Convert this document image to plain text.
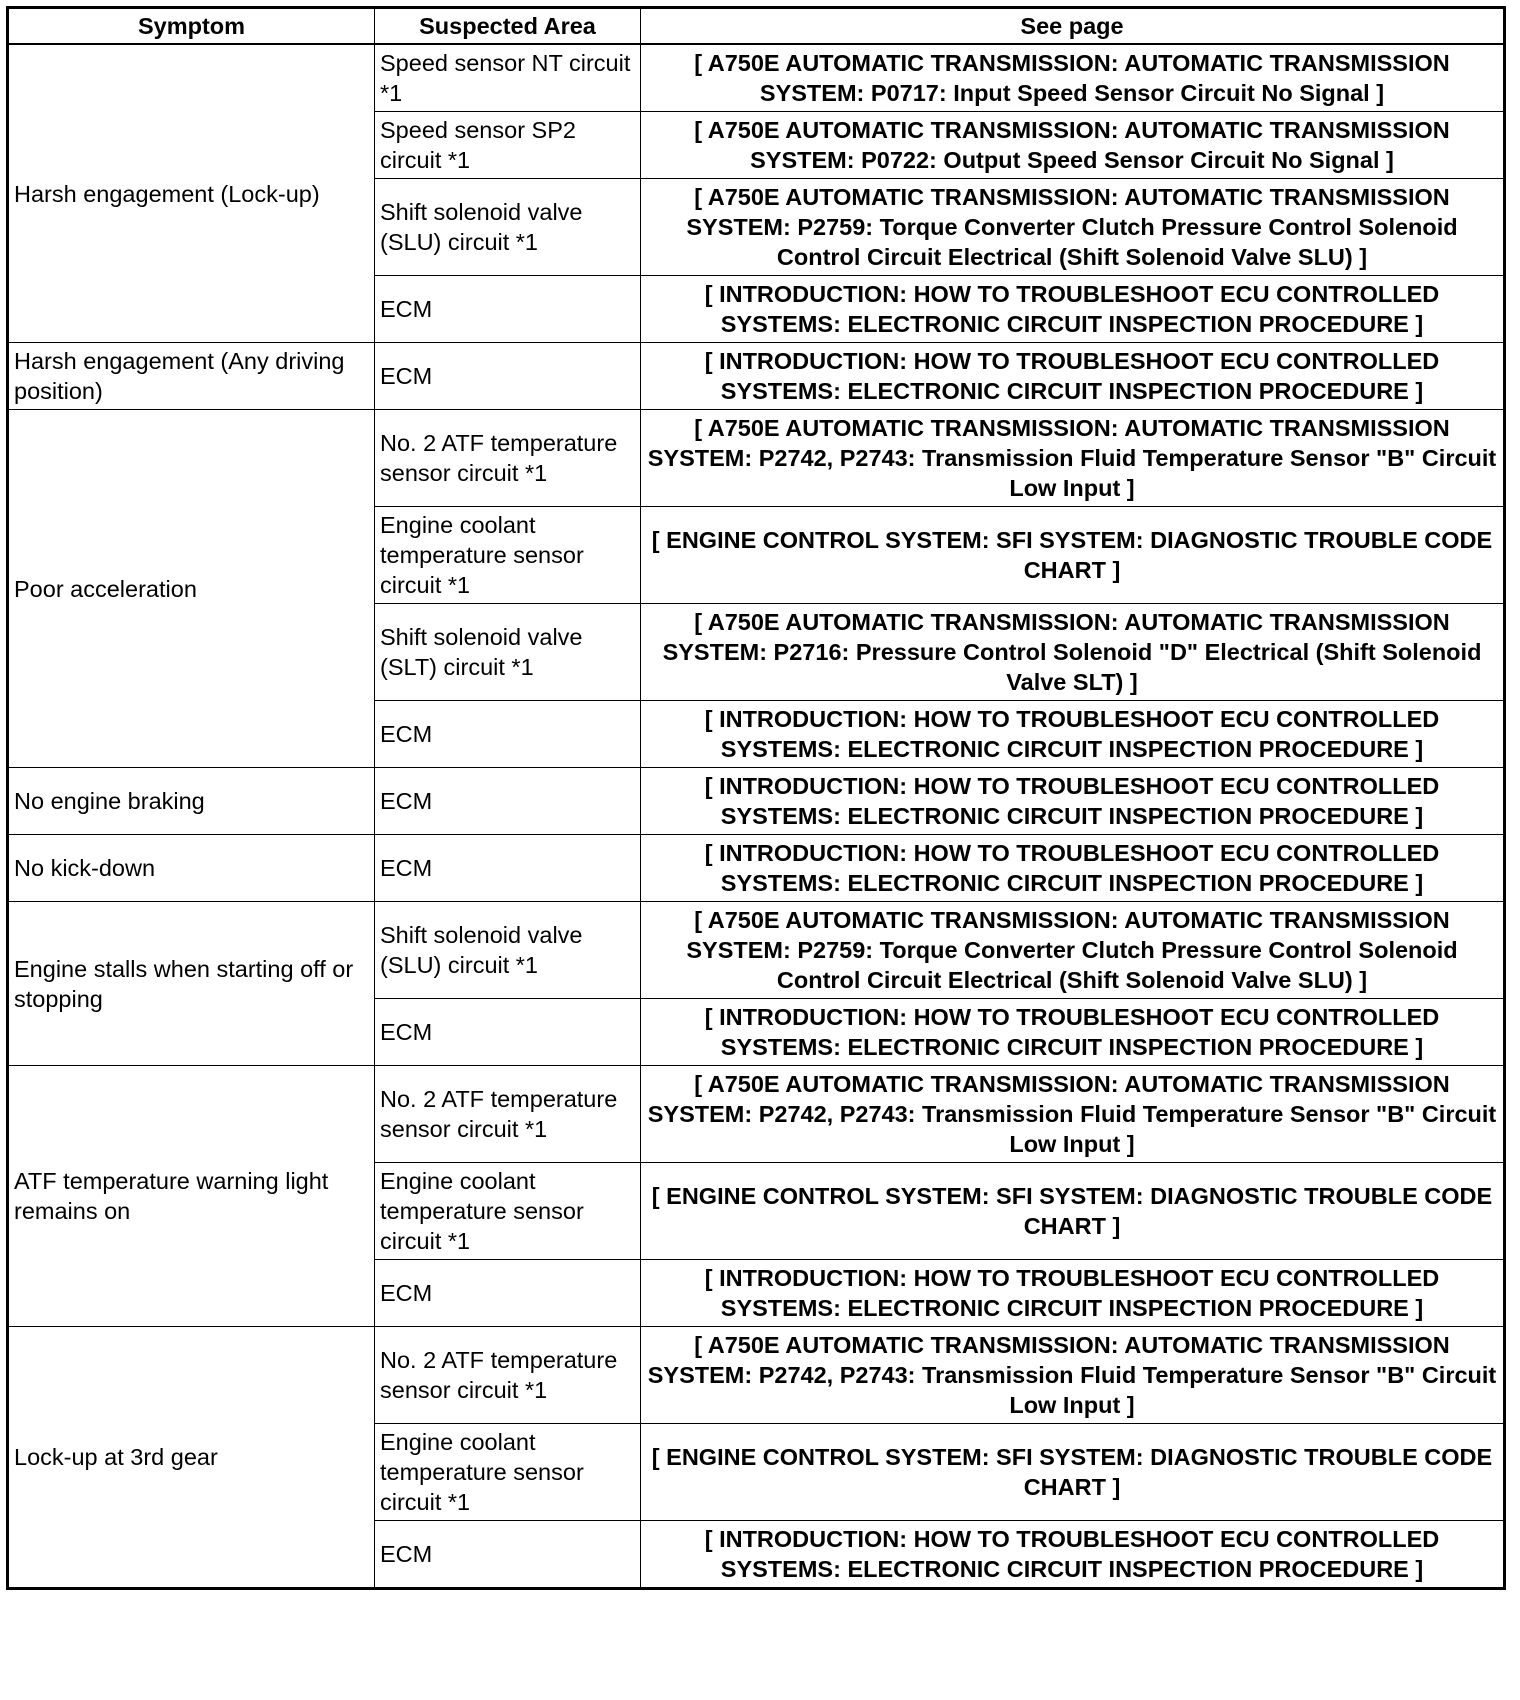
Symptom	Suspected Area	See page
Harsh engagement (Lock-up)	Speed sensor NT circuit *1	[ A750E AUTOMATIC TRANSMISSION: AUTOMATIC TRANSMISSION SYSTEM: P0717: Input Speed Sensor Circuit No Signal ]
	Speed sensor SP2 circuit *1	[ A750E AUTOMATIC TRANSMISSION: AUTOMATIC TRANSMISSION SYSTEM: P0722: Output Speed Sensor Circuit No Signal ]
	Shift solenoid valve (SLU) circuit *1	[ A750E AUTOMATIC TRANSMISSION: AUTOMATIC TRANSMISSION SYSTEM: P2759: Torque Converter Clutch Pressure Control Solenoid Control Circuit Electrical (Shift Solenoid Valve SLU) ]
	ECM	[ INTRODUCTION: HOW TO TROUBLESHOOT ECU CONTROLLED SYSTEMS: ELECTRONIC CIRCUIT INSPECTION PROCEDURE ]
Harsh engagement (Any driving position)	ECM	[ INTRODUCTION: HOW TO TROUBLESHOOT ECU CONTROLLED SYSTEMS: ELECTRONIC CIRCUIT INSPECTION PROCEDURE ]
Poor acceleration	No. 2 ATF temperature sensor circuit *1	[ A750E AUTOMATIC TRANSMISSION: AUTOMATIC TRANSMISSION SYSTEM: P2742, P2743: Transmission Fluid Temperature Sensor "B" Circuit Low Input ]
	Engine coolant temperature sensor circuit *1	[ ENGINE CONTROL SYSTEM: SFI SYSTEM: DIAGNOSTIC TROUBLE CODE CHART ]
	Shift solenoid valve (SLT) circuit *1	[ A750E AUTOMATIC TRANSMISSION: AUTOMATIC TRANSMISSION SYSTEM: P2716: Pressure Control Solenoid "D" Electrical (Shift Solenoid Valve SLT) ]
	ECM	[ INTRODUCTION: HOW TO TROUBLESHOOT ECU CONTROLLED SYSTEMS: ELECTRONIC CIRCUIT INSPECTION PROCEDURE ]
No engine braking	ECM	[ INTRODUCTION: HOW TO TROUBLESHOOT ECU CONTROLLED SYSTEMS: ELECTRONIC CIRCUIT INSPECTION PROCEDURE ]
No kick-down	ECM	[ INTRODUCTION: HOW TO TROUBLESHOOT ECU CONTROLLED SYSTEMS: ELECTRONIC CIRCUIT INSPECTION PROCEDURE ]
Engine stalls when starting off or stopping	Shift solenoid valve (SLU) circuit *1	[ A750E AUTOMATIC TRANSMISSION: AUTOMATIC TRANSMISSION SYSTEM: P2759: Torque Converter Clutch Pressure Control Solenoid Control Circuit Electrical (Shift Solenoid Valve SLU) ]
	ECM	[ INTRODUCTION: HOW TO TROUBLESHOOT ECU CONTROLLED SYSTEMS: ELECTRONIC CIRCUIT INSPECTION PROCEDURE ]
ATF temperature warning light remains on	No. 2 ATF temperature sensor circuit *1	[ A750E AUTOMATIC TRANSMISSION: AUTOMATIC TRANSMISSION SYSTEM: P2742, P2743: Transmission Fluid Temperature Sensor "B" Circuit Low Input ]
	Engine coolant temperature sensor circuit *1	[ ENGINE CONTROL SYSTEM: SFI SYSTEM: DIAGNOSTIC TROUBLE CODE CHART ]
	ECM	[ INTRODUCTION: HOW TO TROUBLESHOOT ECU CONTROLLED SYSTEMS: ELECTRONIC CIRCUIT INSPECTION PROCEDURE ]
Lock-up at 3rd gear	No. 2 ATF temperature sensor circuit *1	[ A750E AUTOMATIC TRANSMISSION: AUTOMATIC TRANSMISSION SYSTEM: P2742, P2743: Transmission Fluid Temperature Sensor "B" Circuit Low Input ]
	Engine coolant temperature sensor circuit *1	[ ENGINE CONTROL SYSTEM: SFI SYSTEM: DIAGNOSTIC TROUBLE CODE CHART ]
	ECM	[ INTRODUCTION: HOW TO TROUBLESHOOT ECU CONTROLLED SYSTEMS: ELECTRONIC CIRCUIT INSPECTION PROCEDURE ]
